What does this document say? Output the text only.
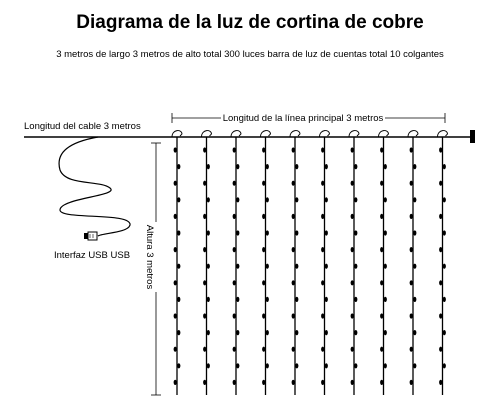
Diagrama de la luz de cortina de cobre
3 metros de largo 3 metros de alto total 300 luces barra de luz de cuentas total 10 colgantes
Longitud del cable 3 metros
Longitud de la línea principal 3 metros
Altura 3 metros
Interfaz USB USB
